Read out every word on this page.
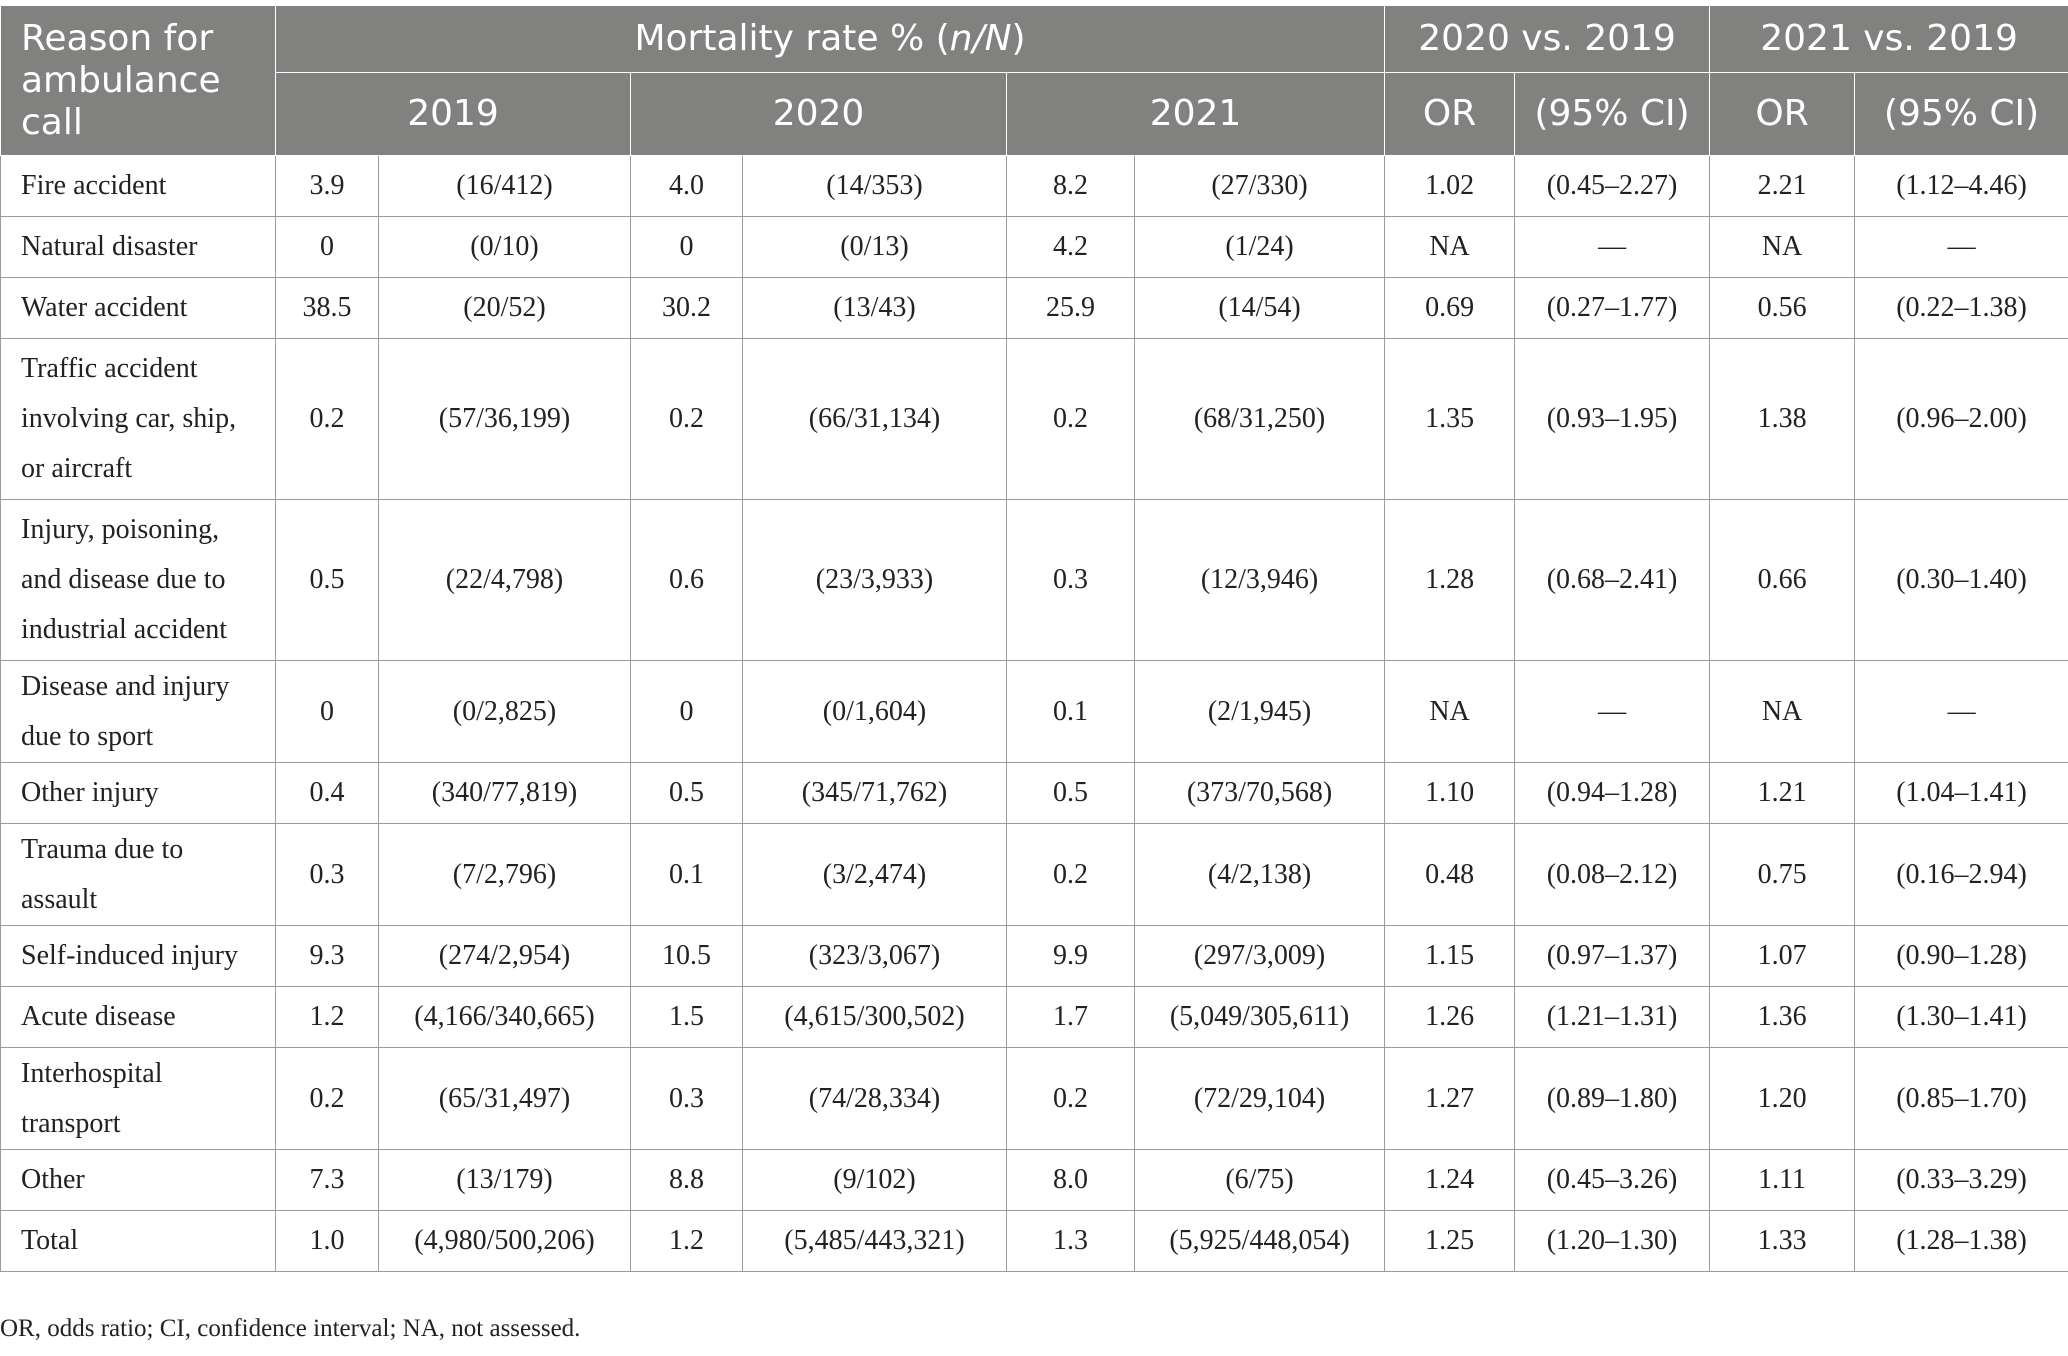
Reason for
ambulance
call	Mortality rate % (n/N)						2020 vs. 2019		2021 vs. 2019	
	2019		2020		2021		OR	(95% CI)	OR	(95% CI)
Fire accident	3.9	(16/412)	4.0	(14/353)	8.2	(27/330)	1.02	(0.45–2.27)	2.21	(1.12–4.46)
Natural disaster	0	(0/10)	0	(0/13)	4.2	(1/24)	NA	—	NA	—
Water accident	38.5	(20/52)	30.2	(13/43)	25.9	(14/54)	0.69	(0.27–1.77)	0.56	(0.22–1.38)
Traffic accident
involving car, ship,
or aircraft	0.2	(57/36,199)	0.2	(66/31,134)	0.2	(68/31,250)	1.35	(0.93–1.95)	1.38	(0.96–2.00)
Injury, poisoning,
and disease due to
industrial accident	0.5	(22/4,798)	0.6	(23/3,933)	0.3	(12/3,946)	1.28	(0.68–2.41)	0.66	(0.30–1.40)
Disease and injury
due to sport	0	(0/2,825)	0	(0/1,604)	0.1	(2/1,945)	NA	—	NA	—
Other injury	0.4	(340/77,819)	0.5	(345/71,762)	0.5	(373/70,568)	1.10	(0.94–1.28)	1.21	(1.04–1.41)
Trauma due to
assault	0.3	(7/2,796)	0.1	(3/2,474)	0.2	(4/2,138)	0.48	(0.08–2.12)	0.75	(0.16–2.94)
Self-induced injury	9.3	(274/2,954)	10.5	(323/3,067)	9.9	(297/3,009)	1.15	(0.97–1.37)	1.07	(0.90–1.28)
Acute disease	1.2	(4,166/340,665)	1.5	(4,615/300,502)	1.7	(5,049/305,611)	1.26	(1.21–1.31)	1.36	(1.30–1.41)
Interhospital
transport	0.2	(65/31,497)	0.3	(74/28,334)	0.2	(72/29,104)	1.27	(0.89–1.80)	1.20	(0.85–1.70)
Other	7.3	(13/179)	8.8	(9/102)	8.0	(6/75)	1.24	(0.45–3.26)	1.11	(0.33–3.29)
Total	1.0	(4,980/500,206)	1.2	(5,485/443,321)	1.3	(5,925/448,054)	1.25	(1.20–1.30)	1.33	(1.28–1.38)
OR, odds ratio; CI, confidence interval; NA, not assessed.
